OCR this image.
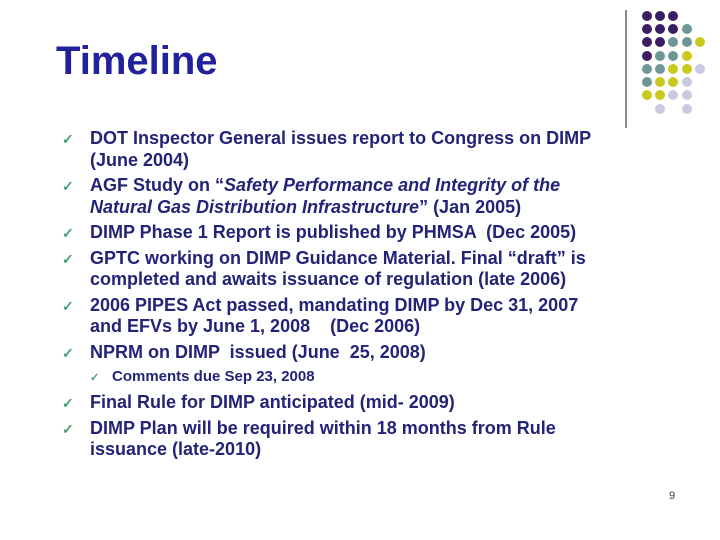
Timeline
✓ DOT Inspector General issues report to Congress on DIMP
(June 2004)
✓ AGF Study on “Safety Performance and Integrity of the
Natural Gas Distribution Infrastructure” (Jan 2005)
✓ DIMP Phase 1 Report is published by PHMSA  (Dec 2005)
✓ GPTC working on DIMP Guidance Material. Final “draft” is
completed and awaits issuance of regulation (late 2006)
✓ 2006 PIPES Act passed, mandating DIMP by Dec 31, 2007
and EFVs by June 1, 2008    (Dec 2006)
✓ NPRM on DIMP  issued (June  25, 2008)
✓ Comments due Sep 23, 2008
✓ Final Rule for DIMP anticipated (mid- 2009)
✓ DIMP Plan will be required within 18 months from Rule
issuance (late-2010)
9
